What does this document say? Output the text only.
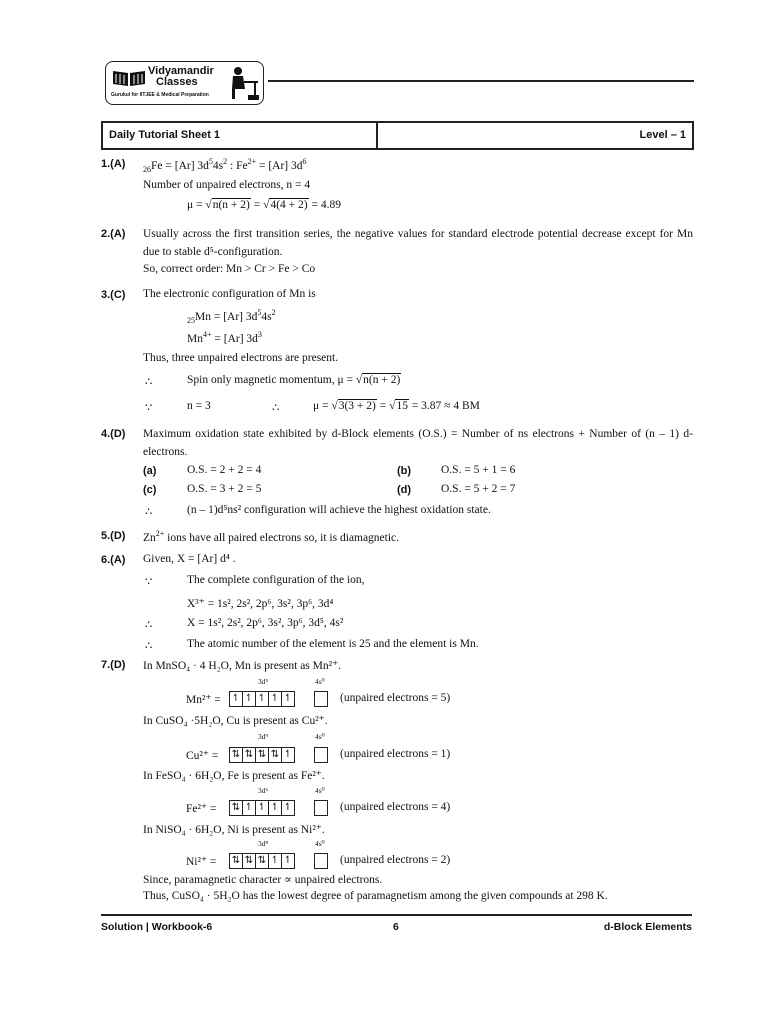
Vidyamandir
Classes
Gurukul for IITJEE & Medical Preparation
Daily Tutorial Sheet 1	Level – 1
1.(A) $_{26}$Fe = [Ar] $3d^54s^2$ : $Fe^{2+} = [Ar]$ $3d^6$
Number of unpaired electrons, n = 4
μ = √n(n + 2) = √4(4 + 2) = 4.89
2.(A) Usually across the first transition series, the negative values for standard electrode potential decrease except for Mn due to stable d⁵-configuration.
So, correct order: Mn > Cr > Fe > Co
3.(C) The electronic configuration of Mn is
$_{25}$Mn = [Ar] $3d^54s^2$
$Mn^{4+} = [Ar]$ $3d^3$
Thus, three unpaired electrons are present.
∴	Spin only magnetic momentum, μ = √n(n + 2)
∵	n = 3	∴	μ = √3(3 + 2) = √15 = 3.87 ≈ 4 BM
4.(D) Maximum oxidation state exhibited by d-Block elements (O.S.) = Number of ns electrons + Number of (n – 1) d-electrons.
(a)	O.S. = 2 + 2 = 4	(b)	O.S. = 5 + 1 = 6
(c)	O.S. = 3 + 2 = 5	(d)	O.S. = 5 + 2 = 7
∴	(n – 1)d⁵ns² configuration will achieve the highest oxidation state.
5.(D) $Zn^{2+}$ ions have all paired electrons so, it is diamagnetic.
6.(A) Given, X = [Ar] d⁴ .
∵	The complete configuration of the ion,
X³⁺ = 1s², 2s², 2p⁶, 3s², 3p⁶, 3d⁴
∴	X = 1s², 2s², 2p⁶, 3s², 3p⁶, 3d⁵, 4s²
∴	The atomic number of the element is 25 and the element is Mn.
7.(D) In MnSO₄ · 4 H₂O, Mn is present as Mn²⁺.
3d⁵	4s⁰
Mn²⁺ = ↿ ↿ ↿ ↿ ↿	(unpaired electrons = 5)
In CuSO₄ ·5H₂O, Cu is present as Cu²⁺.
3d⁹	4s⁰
Cu²⁺ = ⇅ ⇅ ⇅ ⇅ ↿	(unpaired electrons = 1)
In FeSO₄ · 6H₂O, Fe is present as Fe²⁺.
3d⁶	4s⁰
Fe²⁺ = ⇅ ↿ ↿ ↿ ↿	(unpaired electrons = 4)
In NiSO₄ · 6H₂O, Ni is present as Ni²⁺.
3d⁸	4s⁰
Ni²⁺ = ⇅ ⇅ ⇅ ↿ ↿	(unpaired electrons = 2)
Since, paramagnetic character ∝ unpaired electrons.
Thus, CuSO₄ · 5H₂O has the lowest degree of paramagnetism among the given compounds at 298 K.
Solution | Workbook-6	6	d-Block Elements
